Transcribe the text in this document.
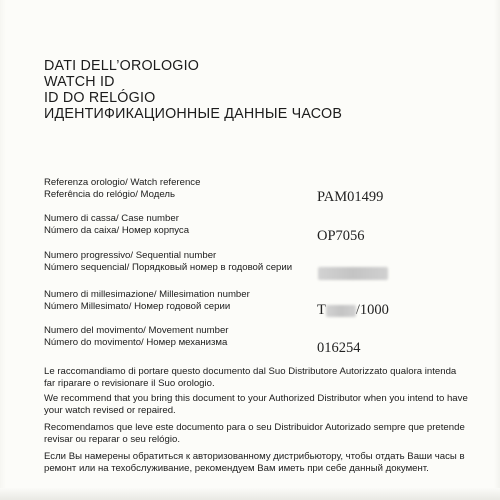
DATI DELL’OROLOGIO
WATCH ID
ID DO RELÓGIO
ИДЕНТИФИКАЦИОННЫЕ ДАННЫЕ ЧАСОВ
Referenza orologio/ Watch reference
Referência do relógio/ Модель	PAM01499
Numero di cassa/ Case number
Número da caixa/ Номер корпуса	OP7056
Numero progressivo/ Sequential number
Número sequencial/ Порядковый номер в годовой серии
Numero di millesimazione/ Millesimation number
Número Millesimato/ Номер годовой серии	T /1000
Numero del movimento/ Movement number
Número do movimento/ Номер механизма	016254
Le raccomandiamo di portare questo documento dal Suo Distributore Autorizzato qualora intenda far riparare o revisionare il Suo orologio.
We recommend that you bring this document to your Authorized Distributor when you intend to have your watch revised or repaired.
Recomendamos que leve este documento para o seu Distribuidor Autorizado sempre que pretende revisar ou reparar o seu relógio.
Если Вы намерены обратиться к авторизованному дистрибьютору, чтобы отдать Ваши часы в ремонт или на техобслуживание, рекомендуем Вам иметь при себе данный документ.
